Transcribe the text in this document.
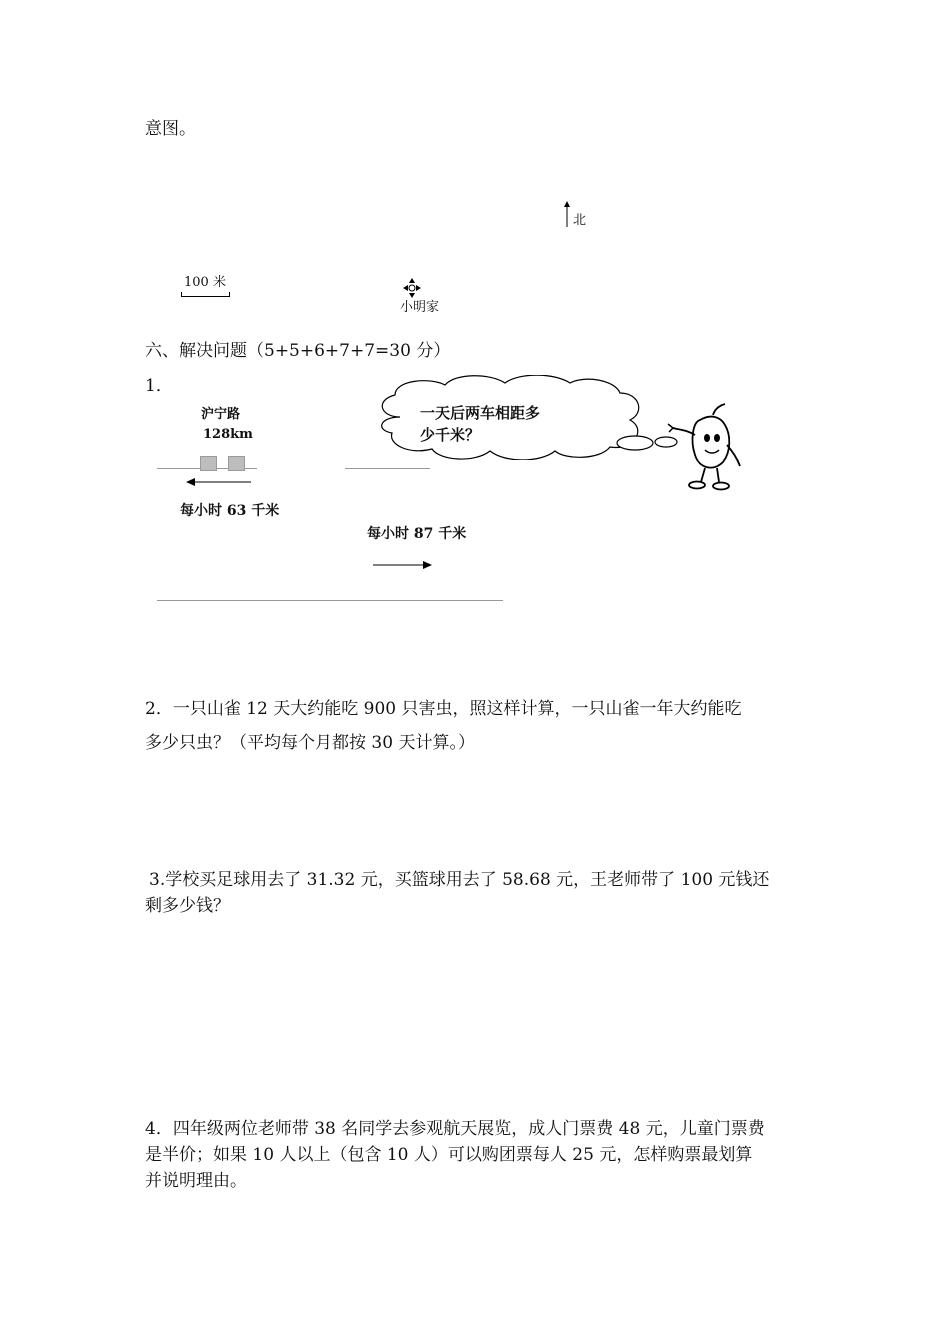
意图。
北
100 米
小明家
六、解决问题（5+5+6+7+7=30 分）
1．
沪宁路
128km
每小时 63 千米
每小时 87 千米
一天后两车相距多
少千米？
2．一只山雀 12 天大约能吃 900 只害虫，照这样计算，一只山雀一年大约能吃
多少只虫？（平均每个月都按 30 天计算。）
3.学校买足球用去了 31.32 元，买篮球用去了 58.68 元，王老师带了 100 元钱还
剩多少钱？
4．四年级两位老师带 38 名同学去参观航天展览，成人门票费 48 元，儿童门票费
是半价；如果 10 人以上（包含 10 人）可以购团票每人 25 元，怎样购票最划算
并说明理由。
